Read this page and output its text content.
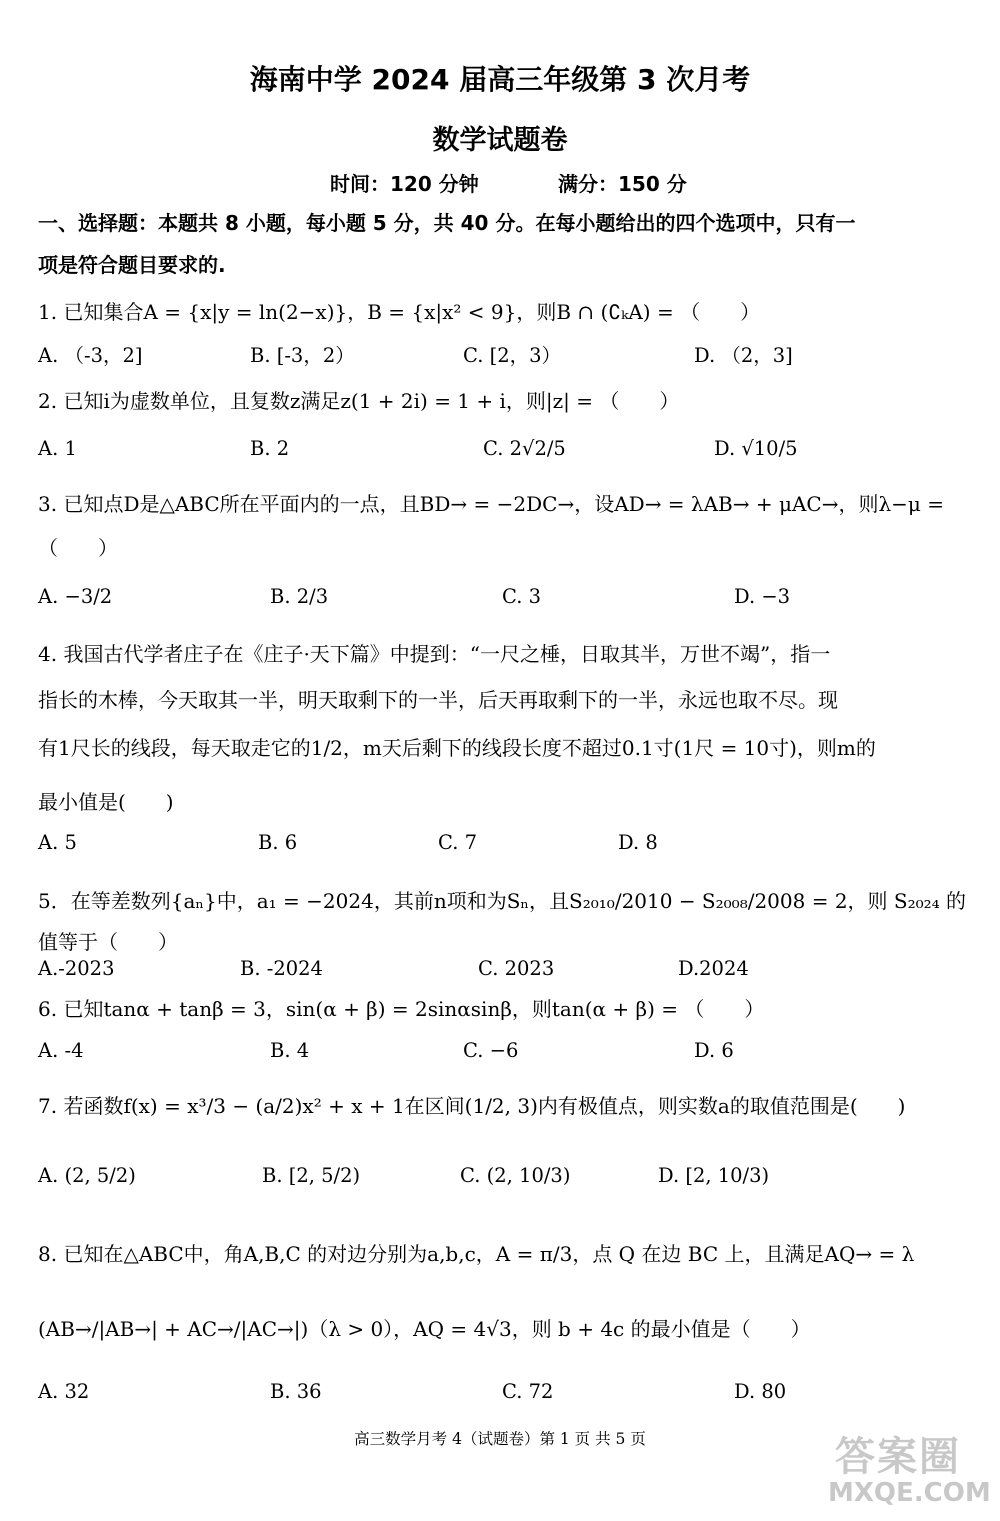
海南中学 2024 届高三年级第 3 次月考
数学试题卷
时间：120 分钟	满分：150 分
一、选择题：本题共 8 小题，每小题 5 分，共 40 分。在每小题给出的四个选项中，只有一
项是符合题目要求的.
1. 已知集合A = {x|y = ln(2−x)}，B = {x|x² < 9}，则B ∩ (∁ₖA) = （　　）
A. （-3，2]	B. [-3，2）	C. [2，3）	D. （2，3]
2. 已知i为虚数单位，且复数z满足z(1 + 2i) = 1 + i，则|z| = （　　）
A. 1	B. 2	C. 2√2/5	D. √10/5
3. 已知点D是△ABC所在平面内的一点，且BD→ = −2DC→，设AD→ = λAB→ + μAC→，则λ−μ =
（　　）
A. −3/2	B. 2/3	C. 3	D. −3
4. 我国古代学者庄子在《庄子·天下篇》中提到：“一尺之棰，日取其半，万世不竭”，指一
指长的木棒，今天取其一半，明天取剩下的一半，后天再取剩下的一半，永远也取不尽。现
有1尺长的线段，每天取走它的1/2，m天后剩下的线段长度不超过0.1寸(1尺 = 10寸)，则m的
最小值是(　　)
A. 5	B. 6	C. 7	D. 8
5．在等差数列{aₙ}中，a₁ = −2024，其前n项和为Sₙ，且S₂₀₁₀/2010 − S₂₀₀₈/2008 = 2，则 S₂₀₂₄ 的
值等于（　　）
A.-2023	B. -2024	C. 2023	D.2024
6. 已知tanα + tanβ = 3，sin(α + β) = 2sinαsinβ，则tan(α + β) = （　　）
A. -4	B. 4	C. −6	D. 6
7. 若函数f(x) = x³/3 − (a/2)x² + x + 1在区间(1/2, 3)内有极值点，则实数a的取值范围是(　　)
A. (2, 5/2)	B. [2, 5/2)	C. (2, 10/3)	D. [2, 10/3)
8. 已知在△ABC中，角A,B,C 的对边分别为a,b,c，A = π/3，点 Q 在边 BC 上，且满足AQ→ = λ
(AB→/|AB→| + AC→/|AC→|)（λ > 0），AQ = 4√3，则 b + 4c 的最小值是（　　）
A. 32	B. 36	C. 72	D. 80
高三数学月考 4（试题卷）第 1 页 共 5 页	答案圈
MXQE.COM
